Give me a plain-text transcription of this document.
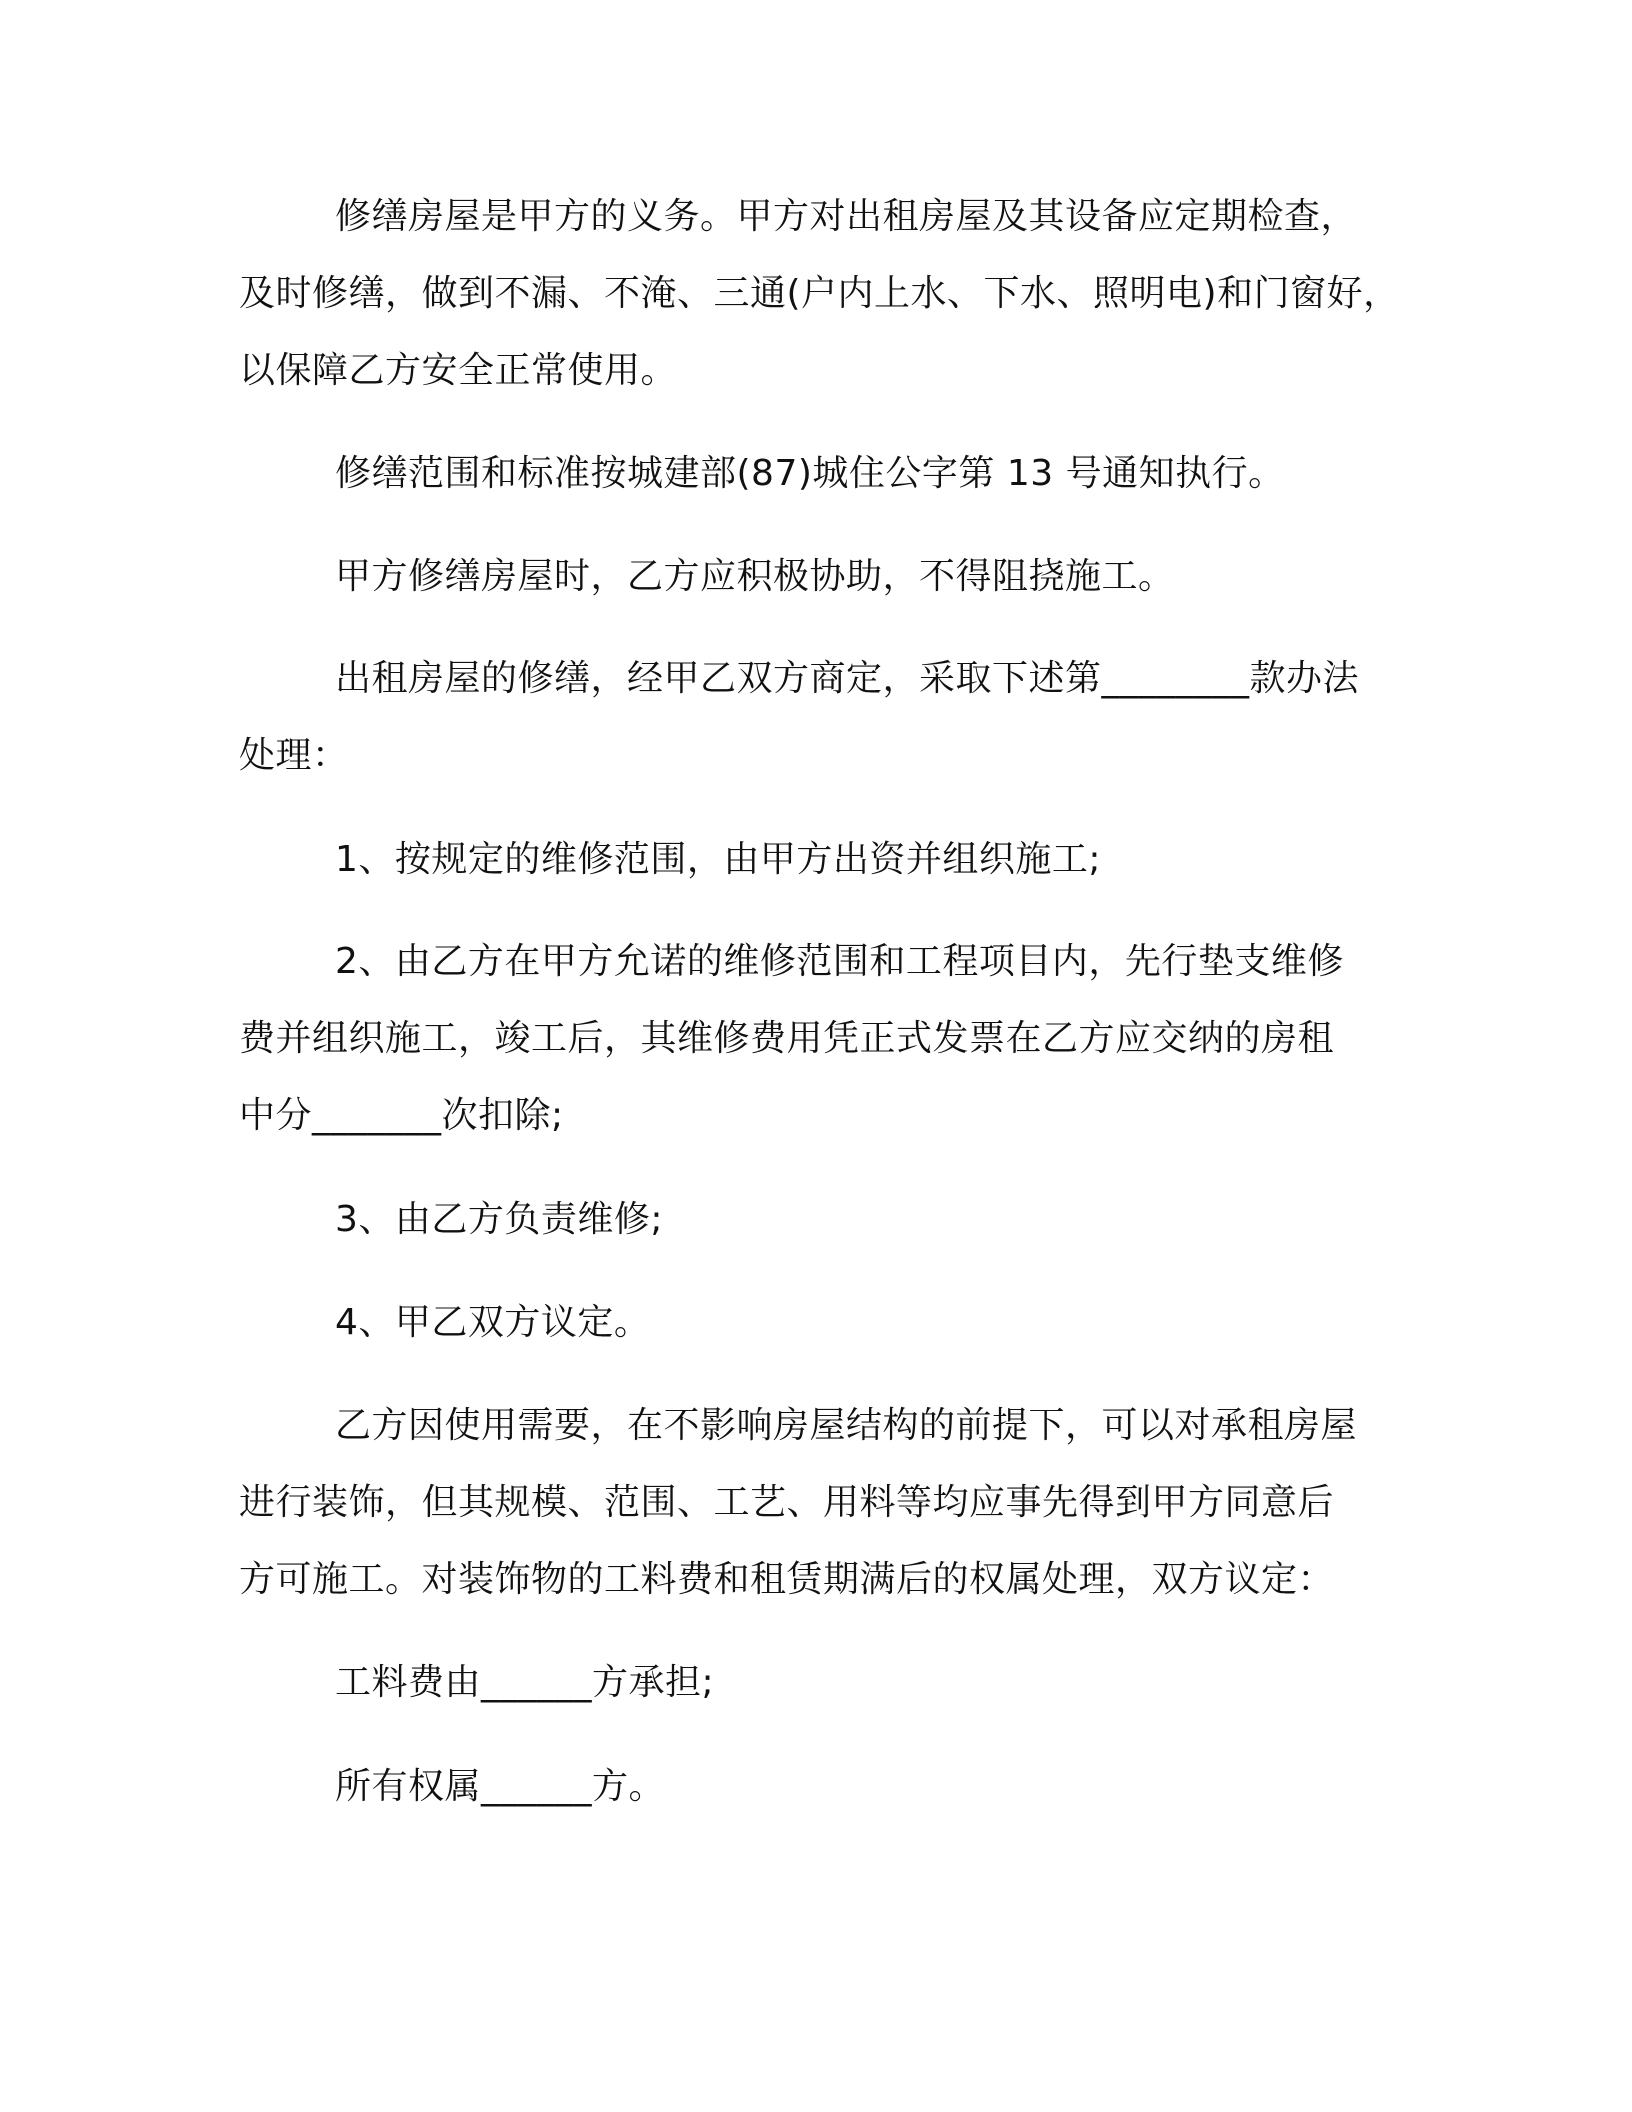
修缮房屋是甲方的义务。甲方对出租房屋及其设备应定期检查，
及时修缮，做到不漏、不淹、三通(户内上水、下水、照明电)和门窗好，
以保障乙方安全正常使用。
修缮范围和标准按城建部(87)城住公字第 13 号通知执行。
甲方修缮房屋时，乙方应积极协助，不得阻挠施工。
出租房屋的修缮，经甲乙双方商定，采取下述第________款办法
处理：
1、按规定的维修范围，由甲方出资并组织施工;
2、由乙方在甲方允诺的维修范围和工程项目内，先行垫支维修
费并组织施工，竣工后，其维修费用凭正式发票在乙方应交纳的房租
中分_______次扣除;
3、由乙方负责维修;
4、甲乙双方议定。
乙方因使用需要，在不影响房屋结构的前提下，可以对承租房屋
进行装饰，但其规模、范围、工艺、用料等均应事先得到甲方同意后
方可施工。对装饰物的工料费和租赁期满后的权属处理，双方议定：
工料费由______方承担;
所有权属______方。
